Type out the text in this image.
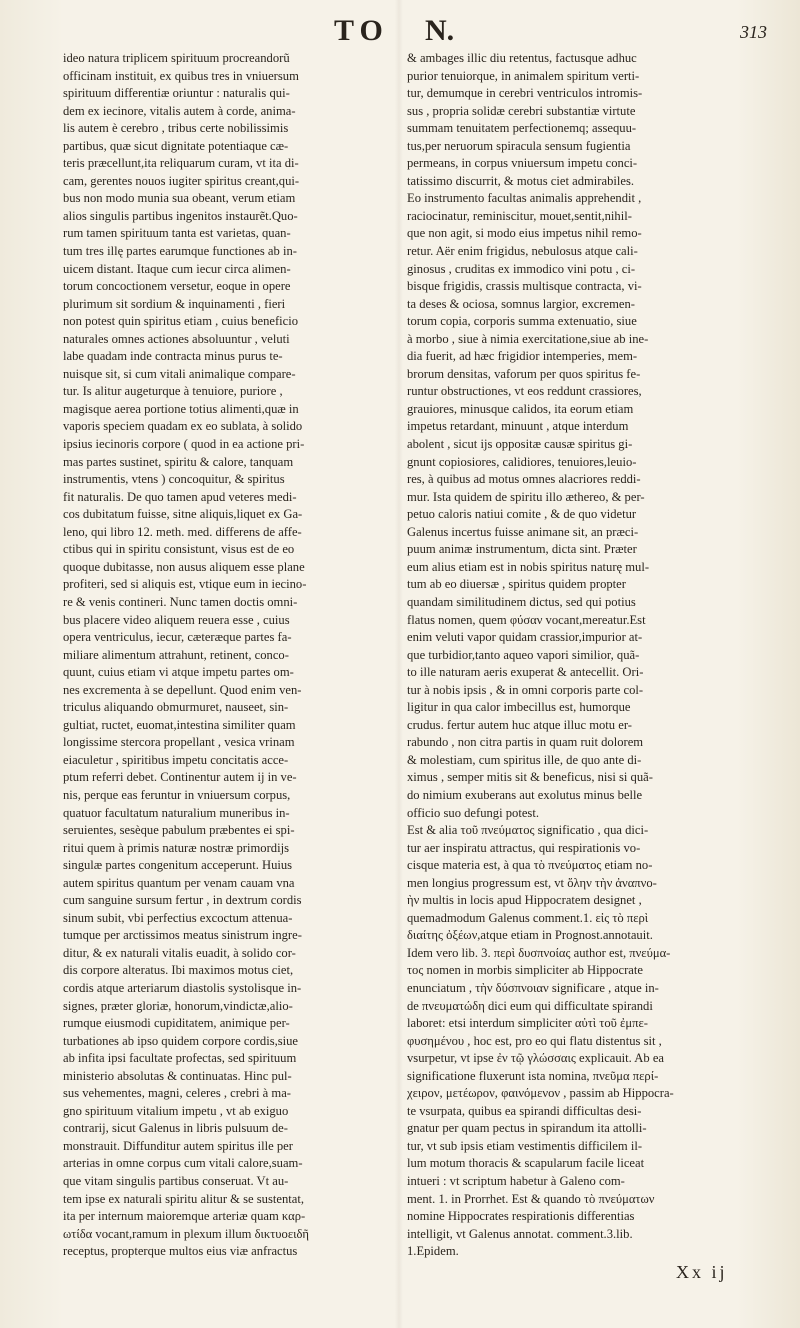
TO N.	313
ideo natura triplicem spirituum procreandorũ
officinam instituit, ex quibus tres in vniuersum
spirituum differentiæ oriuntur : naturalis qui-
dem ex iecinore, vitalis autem à corde, anima-
lis autem è cerebro , tribus certe nobilissimis
partibus, quæ sicut dignitate potentiaque cæ-
teris præcellunt,ita reliquarum curam, vt ita di-
cam, gerentes nouos iugiter spiritus creant,qui-
bus non modo munia sua obeant, verum etiam
alios singulis partibus ingenitos instaurẽt.Quo-
rum tamen spirituum tanta est varietas, quan-
tum tres illę partes earumque functiones ab in-
uicem distant. Itaque cum iecur circa alimen-
torum concoctionem versetur, eoque in opere
plurimum sit sordium & inquinamenti , fieri
non potest quin spiritus etiam , cuius beneficio
naturales omnes actiones absoluuntur , veluti
labe quadam inde contracta minus purus te-
nuisque sit, si cum vitali animalique compare-
tur. Is alitur augeturque à tenuiore, puriore ,
magisque aerea portione totius alimenti,quæ in
vaporis speciem quadam ex eo sublata, à solido
ipsius iecinoris corpore ( quod in ea actione pri-
mas partes sustinet, spiritu & calore, tanquam
instrumentis, vtens ) concoquitur, & spiritus
fit naturalis. De quo tamen apud veteres medi-
cos dubitatum fuisse, sitne aliquis,liquet ex Ga-
leno, qui libro 12. meth. med. differens de affe-
ctibus qui in spiritu consistunt, visus est de eo
quoque dubitasse, non ausus aliquem esse plane
profiteri, sed si aliquis est, vtique eum in iecino-
re & venis contineri. Nunc tamen doctis omni-
bus placere video aliquem reuera esse , cuius
opera ventriculus, iecur, cæteræque partes fa-
miliare alimentum attrahunt, retinent, conco-
quunt, cuius etiam vi atque impetu partes om-
nes excrementa à se depellunt. Quod enim ven-
triculus aliquando obmurmuret, nauseet, sin-
gultiat, ructet, euomat,intestina similiter quam
longissime stercora propellant , vesica vrinam
eiaculetur , spiritibus impetu concitatis acce-
ptum referri debet. Continentur autem ij in ve-
nis, perque eas feruntur in vniuersum corpus,
quatuor facultatum naturalium muneribus in-
seruientes, sesèque pabulum præbentes ei spi-
ritui quem à primis naturæ nostræ primordijs
singulæ partes congenitum acceperunt. Huius
autem spiritus quantum per venam cauam vna
cum sanguine sursum fertur , in dextrum cordis
sinum subit, vbi perfectius excoctum attenua-
tumque per arctissimos meatus sinistrum ingre-
ditur, & ex naturali vitalis euadit, à solido cor-
dis corpore alteratus. Ibi maximos motus ciet,
cordis atque arteriarum diastolis systolisque in-
signes, præter gloriæ, honorum,vindictæ,alio-
rumque eiusmodi cupiditatem, animique per-
turbationes ab ipso quidem corpore cordis,siue
ab infita ipsi facultate profectas, sed spirituum
ministerio absolutas & continuatas. Hinc pul-
sus vehementes, magni, celeres , crebri à ma-
gno spirituum vitalium impetu , vt ab exiguo
contrarij, sicut Galenus in libris pulsuum de-
monstrauit. Diffunditur autem spiritus ille per
arterias in omne corpus cum vitali calore,suam-
que vitam singulis partibus conseruat. Vt au-
tem ipse ex naturali spiritu alitur & se sustentat,
ita per internum maioremque arteriæ quam καρ-
ωτίδα vocant,ramum in plexum illum δικτυοειδῆ
receptus, propterque multos eius viæ anfractus
& ambages illic diu retentus, factusque adhuc
purior tenuiorque, in animalem spiritum verti-
tur, demumque in cerebri ventriculos intromis-
sus , propria solidæ cerebri substantiæ virtute
summam tenuitatem perfectionemq; assequu-
tus,per neruorum spiracula sensum fugientia
permeans, in corpus vniuersum impetu conci-
tatissimo discurrit, & motus ciet admirabiles.
Eo instrumento facultas animalis apprehendit ,
raciocinatur, reminiscitur, mouet,sentit,nihil-
que non agit, si modo eius impetus nihil remo-
retur. Aër enim frigidus, nebulosus atque cali-
ginosus , cruditas ex immodico vini potu , ci-
bisque frigidis, crassis multisque contracta, vi-
ta deses & ociosa, somnus largior, excremen-
torum copia, corporis summa extenuatio, siue
à morbo , siue à nimia exercitatione,siue ab ine-
dia fuerit, ad hæc frigidior intemperies, mem-
brorum densitas, vaforum per quos spiritus fe-
runtur obstructiones, vt eos reddunt crassiores,
grauiores, minusque calidos, ita eorum etiam
impetus retardant, minuunt , atque interdum
abolent , sicut ijs oppositæ causæ spiritus gi-
gnunt copiosiores, calidiores, tenuiores,leuio-
res, à quibus ad motus omnes alacriores reddi-
mur. Ista quidem de spiritu illo æthereo, & per-
petuo caloris natiui comite , & de quo videtur
Galenus incertus fuisse animane sit, an præci-
puum animæ instrumentum, dicta sint. Præter
eum alius etiam est in nobis spiritus naturę mul-
tum ab eo diuersæ , spiritus quidem propter
quandam similitudinem dictus, sed qui potius
flatus nomen, quem φύσαν vocant,mereatur.Est
enim veluti vapor quidam crassior,impurior at-
que turbidior,tanto aqueo vapori similior, quã-
to ille naturam aeris exuperat & antecellit. Ori-
tur à nobis ipsis , & in omni corporis parte col-
ligitur in qua calor imbecillus est, humorque
crudus. fertur autem huc atque illuc motu er-
rabundo , non citra partis in quam ruit dolorem
& molestiam, cum spiritus ille, de quo ante di-
ximus , semper mitis sit & beneficus, nisi si quã-
do nimium exuberans aut exolutus minus belle
officio suo defungi potest.
Est & alia τοῦ πνεύματος significatio , qua dici-
tur aer inspiratu attractus, qui respirationis vo-
cisque materia est, à qua τὸ πνεύματος etiam no-
men longius progressum est, vt ὅλην τὴν ἀναπνο-
ὴν multis in locis apud Hippocratem designet ,
quemadmodum Galenus comment.1. εἰς τὸ περὶ
διαίτης ὀξέων,atque etiam in Prognost.annotauit.
Idem vero lib. 3. περὶ δυσπνοίας author est, πνεύμα-
τος nomen in morbis simpliciter ab Hippocrate
enunciatum , τὴν δύσπνοιαν significare , atque in-
de πνευματώδη dici eum qui difficultate spirandi
laboret: etsi interdum simpliciter αὐτὶ τοῦ ἐμπε-
φυσημένου , hoc est, pro eo qui flatu distentus sit ,
vsurpetur, vt ipse ἐν τῷ γλώσσαις explicauit. Ab ea
significatione fluxerunt ista nomina, πνεῦμα περί-
χειρον, μετέωρον, φαινόμενον , passim ab Hippocra-
te vsurpata, quibus ea spirandi difficultas desi-
gnatur per quam pectus in spirandum ita attolli-
tur, vt sub ipsis etiam vestimentis difficilem il-
lum motum thoracis & scapularum facile liceat
intueri : vt scriptum habetur à Galeno com-
ment. 1. in Prorrhet. Est & quando τὸ πνεύματων
nomine Hippocrates respirationis differentias
intelligit, vt Galenus annotat. comment.3.lib.
1.Epidem.
Xx ij
